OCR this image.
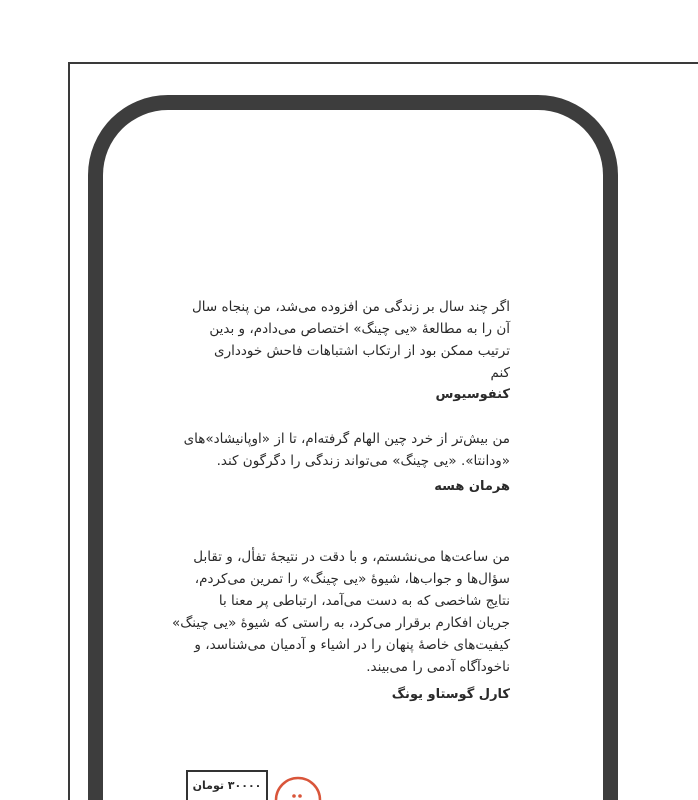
اگر چند سال بر زندگی من افزوده می‌شد، من پنجاه سال
آن را به مطالعهٔ «یی چینگ» اختصاص می‌دادم، و بدین
ترتیب ممکن بود از ارتکاب اشتباهات فاحش خودداری
کنم
کنفوسیوس
من بیش‌تر از خرد چین الهام گرفته‌ام، تا از «اوپانیشاد»های
«ودانتا». «یی چینگ» می‌تواند زندگی را دگرگون کند.
هرمان هسه
من ساعت‌ها می‌نشستم، و با دقت در نتیجهٔ تفأل، و تقابل
سؤال‌ها و جواب‌ها، شیوهٔ «یی چینگ» را تمرین می‌کردم،
نتایج شاخصی که به دست می‌آمد، ارتباطی پر معنا با
جریان افکارم برقرار می‌کرد، به راستی که شیوهٔ «یی چینگ»
کیفیت‌های خاصهٔ پنهان را در اشیاء و آدمیان می‌شناسد، و
ناخودآگاه آدمی را می‌بیند.
کارل گوستاو یونگ
۳۰۰۰۰ تومان
